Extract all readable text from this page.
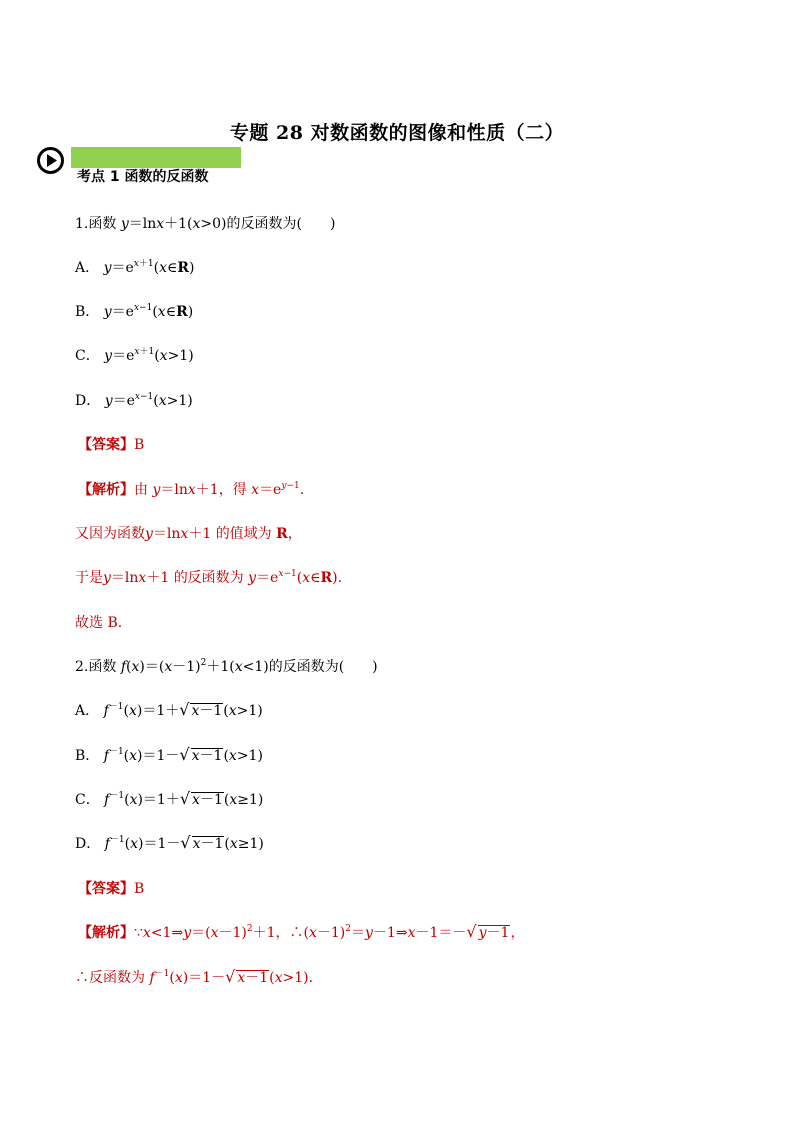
专题 28 对数函数的图像和性质（二）
考点 1 函数的反函数
1.函数 y＝lnx＋1(x>0)的反函数为(　　)
A． $y=e^{x+1}(x\in R)$
B． $y=e^{x-1}(x\in R)$
C． $y=e^{x+1}(x>1)$
D． $y=e^{x-1}(x>1)$
【答案】B
【解析】由 y＝lnx＋1，得 $x=e^{y-1}$.
又因为函数y＝lnx＋1 的值域为 R，
于是y＝lnx＋1 的反函数为 $y=e^{x-1}(x\in R)$.
故选 B.
2.函数 $f(x)=(x-1)^2+1(x<1)$的反函数为(　　)
A． $f^{-1}(x)=1+√$ x－1(x>1)
B． $f^{-1}(x)=1-√$ x－1(x>1)
C． $f^{-1}(x)=1+√$ x－1(x≥1)
D． $f^{-1}(x)=1-√$ x－1(x≥1)
【答案】B
【解析】$\because x<1\Rightarrow y=(x-1)^2+1$，$\therefore(x-1)^2=y-1\Rightarrow x-1=-√$ y－1，
∴反函数为 $f^{-1}(x)=1-√$ x－1(x>1)．
